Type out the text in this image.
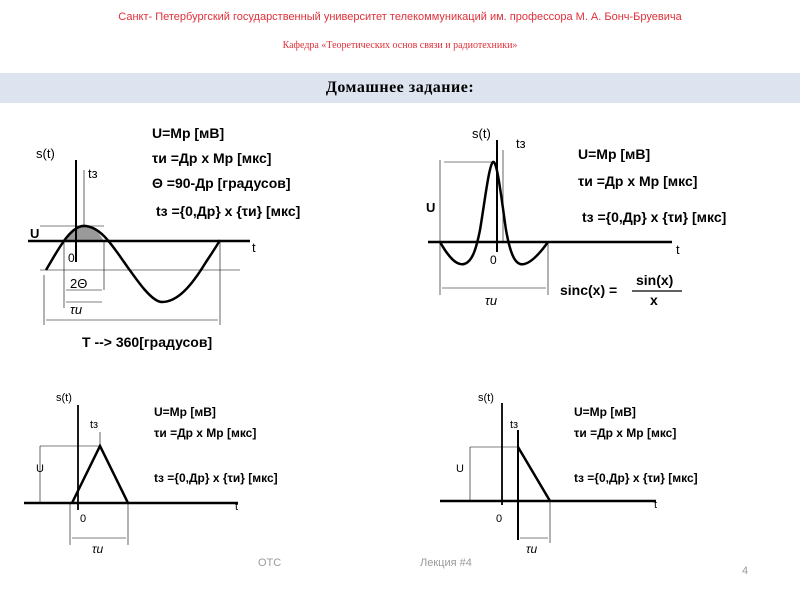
Санкт- Петербургский государственный университет телекоммуникаций им. профессора М. А. Бонч-Бруевича
Кафедра «Теоретических основ связи и радиотехники»
Домашнее задание:
s(t)
tз
U
t
0
2Θ
τи
T --> 360[градусов]
U=Мр [мВ]
τи =Др х Мр [мкс]
Θ =90-Др [градусов]
tз ={0,Др} х {τи} [мкс]
s(t)
tз
U
t
0
τи
U=Мр [мВ]
τи =Др х Мр [мкс]
tз ={0,Др} х {τи} [мкс]
sinc(x) =
sin(x)
x
s(t)
tз
U
t
0
τи
U=Мр [мВ]
τи =Др х Мр [мкс]
tз ={0,Др} х {τи} [мкс]
s(t)
tз
U
t
0
τи
U=Мр [мВ]
τи =Др х Мр [мкс]
tз ={0,Др} х {τи} [мкс]
ОТС	Лекция #4
4
